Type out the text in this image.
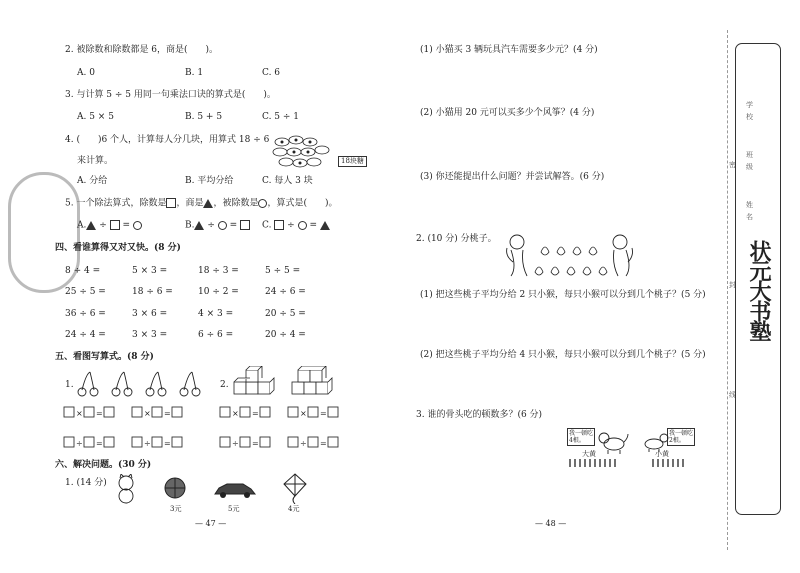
2. 被除数和除数都是 6，商是(　　)。
A. 0	B. 1	C. 6
3. 与计算 5 ÷ 5 用同一句乘法口诀的算式是(　　)。
A. 5 × 5	B. 5 + 5	C. 5 ÷ 1
4. (　　)6 个人，计算每人分几块，用算式 18 ÷ 6
来计算。	18块糖
A. 分给	B. 平均分给	C. 每人 3 块
5. 一个除法算式，除数是 ，商是 ，被除数是 ，算式是(　　)。
A. ÷  =	B. ÷  =	C.  ÷  =
四、看谁算得又对又快。(8 分)
8 ÷ 4 =	5 × 3 =	18 ÷ 3 =	5 ÷ 5 =
25 ÷ 5 =	18 ÷ 6 =	10 ÷ 2 =	24 ÷ 6 =
36 ÷ 6 =	3 × 6 =	4 × 3 =	20 ÷ 5 =
24 ÷ 4 =	3 × 3 =	6 ÷ 6 =	20 ÷ 4 =
五、看图写算式。(8 分)
1.	2.
× =	× =	× =	× =
÷ =	÷ =	÷ =	÷ =
六、解决问题。(30 分)
1. (14 分)
3元	5元	4元
— 47 —
(1) 小猫买 3 辆玩具汽车需要多少元？(4 分)
(2) 小猫用 20 元可以买多少个风筝？(4 分)
(3) 你还能提出什么问题？并尝试解答。(6 分)
2. (10 分) 分桃子。
(1) 把这些桃子平均分给 2 只小猴，每只小猴可以分到几个桃子？(5 分)
(2) 把这些桃子平均分给 4 只小猴，每只小猴可以分到几个桃子？(5 分)
3. 谁的骨头吃的顿数多？(6 分)
我一顿吃4根。
大黄
我一顿吃2根。
小黄
— 48 —
密
封
线
学
校
班
级
姓
名
状元大书塾
